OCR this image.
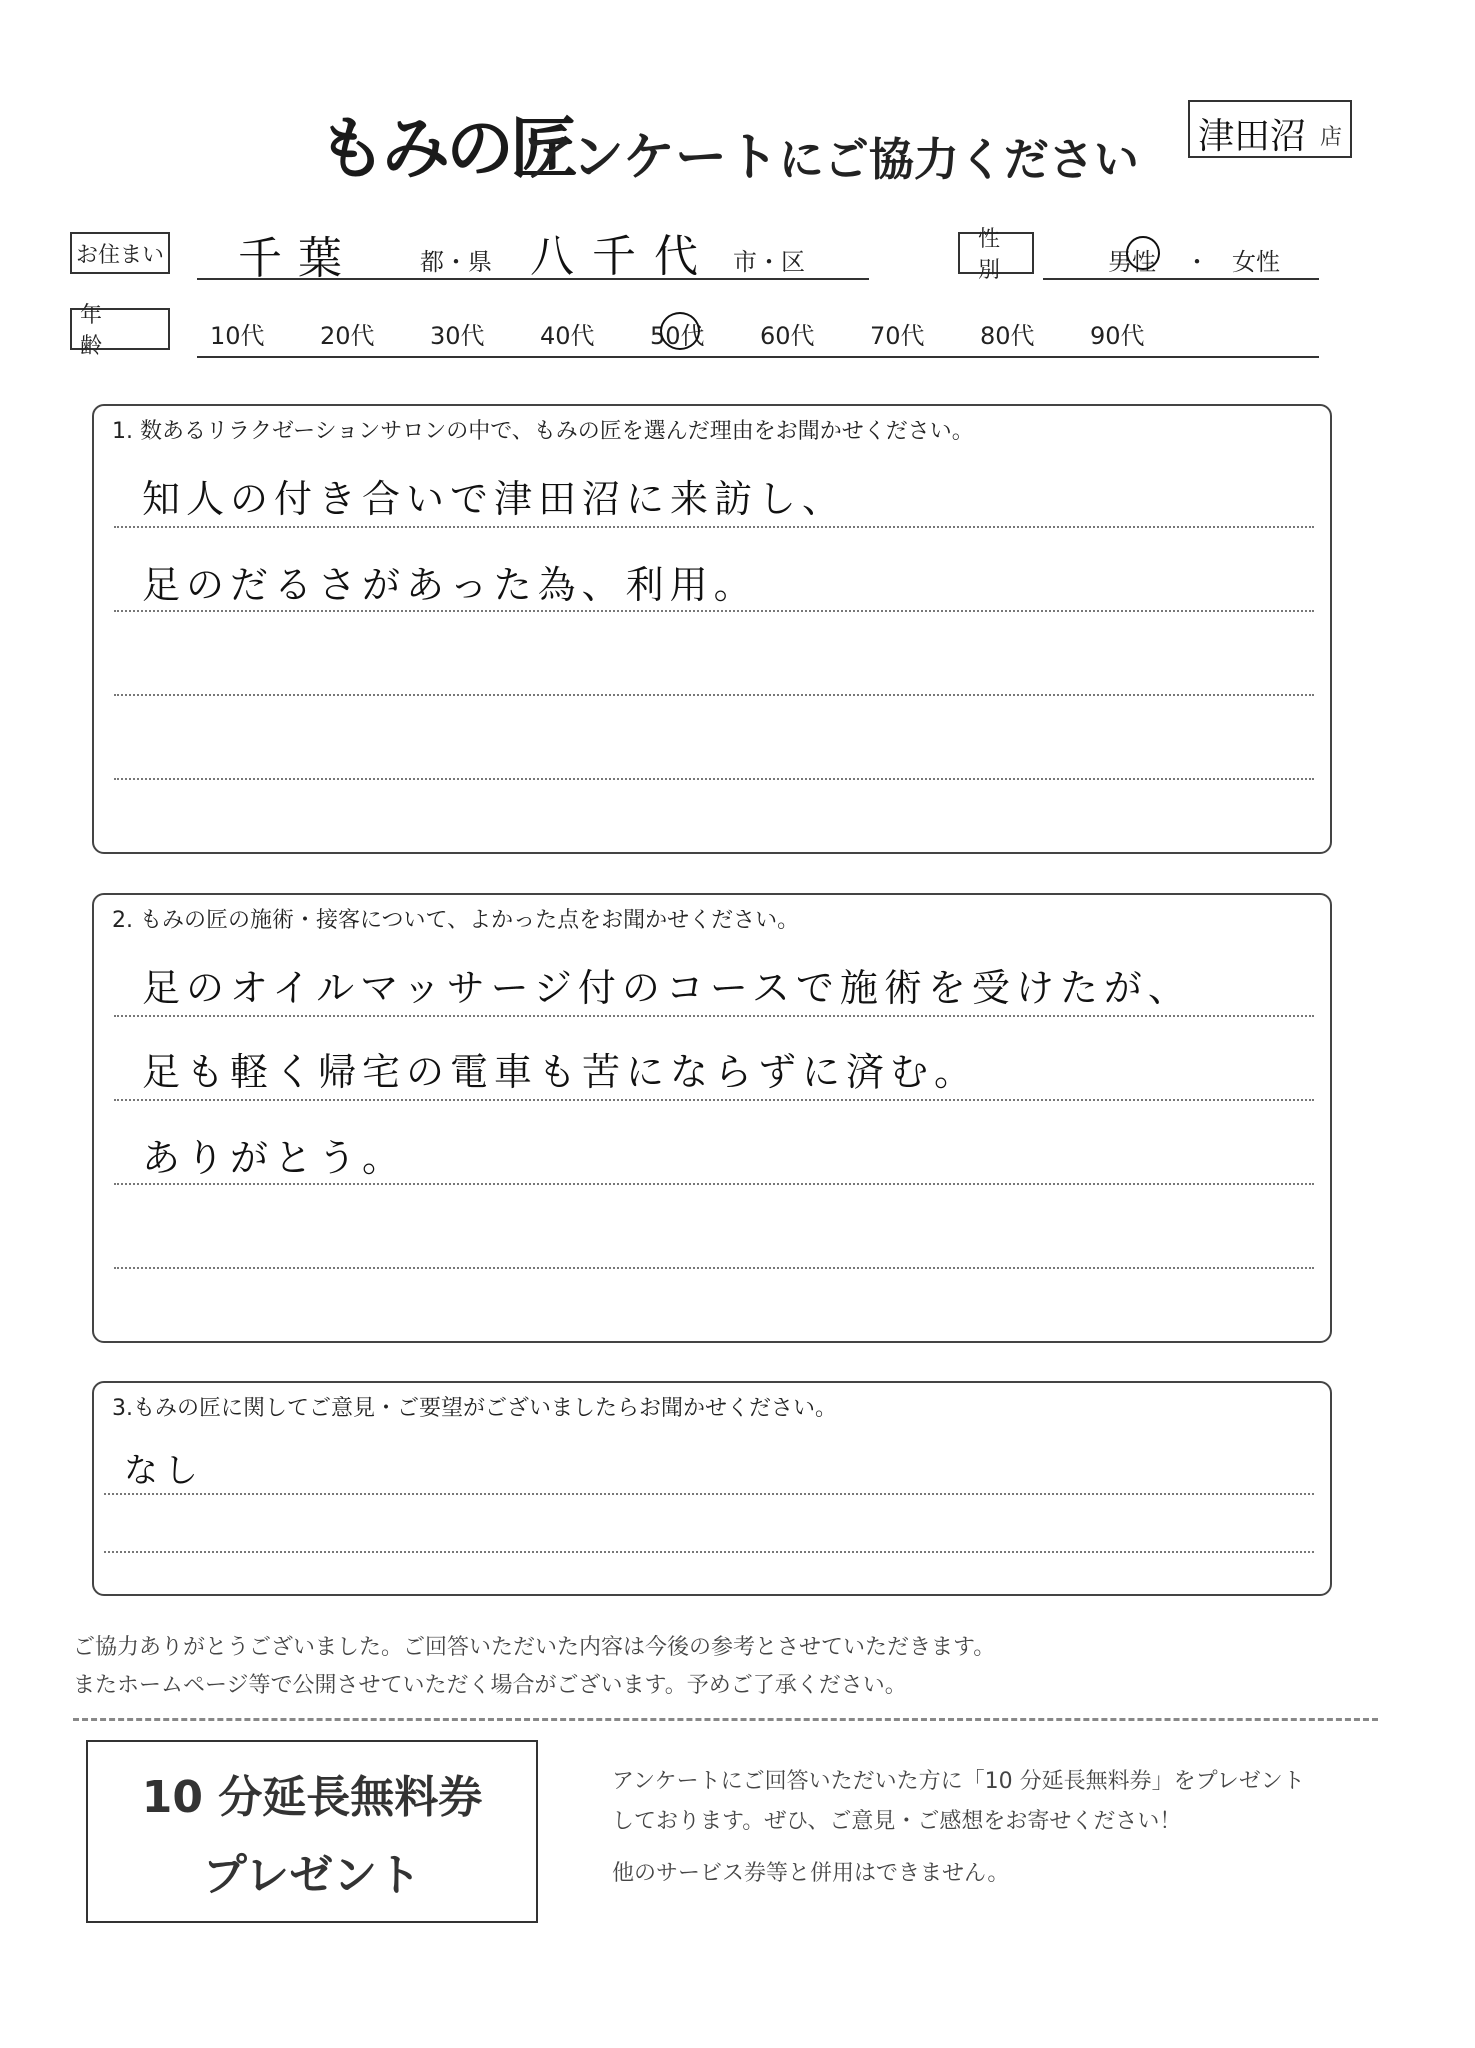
もみの匠
アンケートにご協力ください 津田沼 店
お住まい 千葉	都・県 八千代 市・区
性別	男性 ・ 女性
年齢	10代 20代 30代 40代 50代 60代 70代 80代 90代
1. 数あるリラクゼーションサロンの中で、もみの匠を選んだ理由をお聞かせください。
知人の付き合いで津田沼に来訪し、
足のだるさがあった為、利用。
2. もみの匠の施術・接客について、よかった点をお聞かせください。
足のオイルマッサージ付のコースで施術を受けたが、
足も軽く帰宅の電車も苦にならずに済む。
ありがとう。
3.もみの匠に関してご意見・ご要望がございましたらお聞かせください。
なし
ご協力ありがとうございました。ご回答いただいた内容は今後の参考とさせていただきます。
またホームページ等で公開させていただく場合がございます。予めご了承ください。
10 分延長無料券
プレゼント
アンケートにご回答いただいた方に「10 分延長無料券」をプレゼント
しております。ぜひ、ご意見・ご感想をお寄せください！
他のサービス券等と併用はできません。
